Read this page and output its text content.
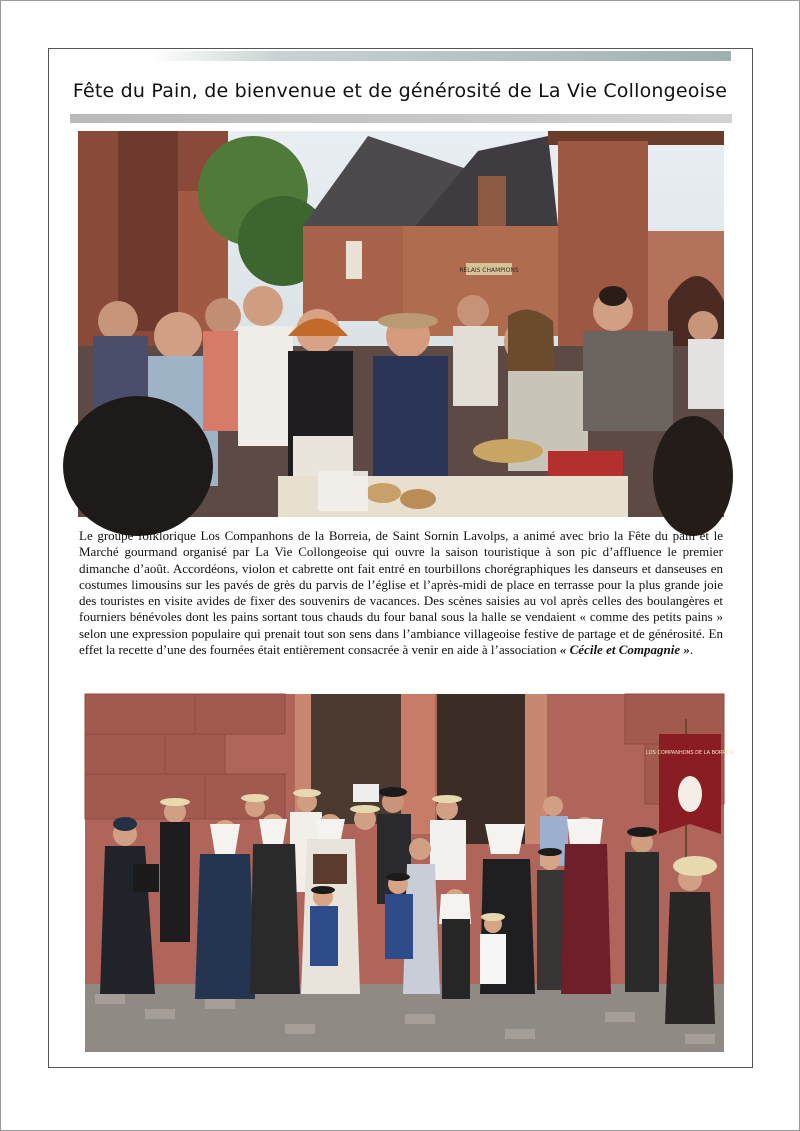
Fête du Pain, de bienvenue et de générosité de La Vie Collongeoise
RELAIS CHAMPIONS
Le groupe folklorique Los Companhons de la Borreia, de Saint Sornin Lavolps, a animé avec brio la Fête du pain et le Marché gourmand organisé par La Vie Collongeoise qui ouvre la saison touristique à son pic d’affluence le premier dimanche d’août. Accordéons, violon et cabrette ont fait entré en tourbillons chorégraphiques les danseurs et danseuses en costumes limousins sur les pavés de grès du parvis de l’église et l’après-midi de place en terrasse pour la plus grande joie des touristes en visite avides de fixer des souvenirs de vacances. Des scènes saisies au vol après celles des boulangères et fourniers bénévoles dont les pains sortant tous chauds du four banal sous la halle se vendaient « comme des petits pains » selon une expression populaire qui prenait tout son sens dans l’ambiance villageoise festive de partage et de générosité. En effet la recette d’une des fournées était entièrement consacrée à venir en aide à l’association « Cécile et Compagnie ».
LOS COMPANHONS DE LA BORREIA
